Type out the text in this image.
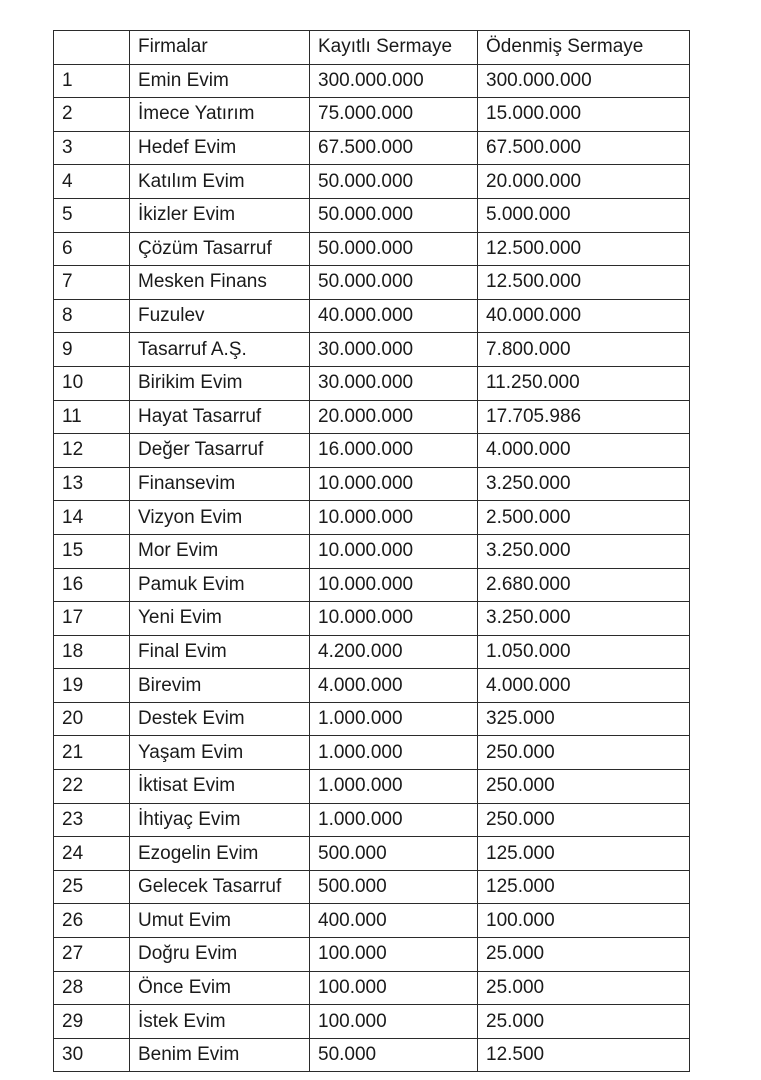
	Firmalar	Kayıtlı Sermaye	Ödenmiş Sermaye
1	Emin Evim	300.000.000	300.000.000
2	İmece Yatırım	75.000.000	15.000.000
3	Hedef Evim	67.500.000	67.500.000
4	Katılım Evim	50.000.000	20.000.000
5	İkizler Evim	50.000.000	5.000.000
6	Çözüm Tasarruf	50.000.000	12.500.000
7	Mesken Finans	50.000.000	12.500.000
8	Fuzulev	40.000.000	40.000.000
9	Tasarruf A.Ş.	30.000.000	7.800.000
10	Birikim Evim	30.000.000	11.250.000
11	Hayat Tasarruf	20.000.000	17.705.986
12	Değer Tasarruf	16.000.000	4.000.000
13	Finansevim	10.000.000	3.250.000
14	Vizyon Evim	10.000.000	2.500.000
15	Mor Evim	10.000.000	3.250.000
16	Pamuk Evim	10.000.000	2.680.000
17	Yeni Evim	10.000.000	3.250.000
18	Final Evim	4.200.000	1.050.000
19	Birevim	4.000.000	4.000.000
20	Destek Evim	1.000.000	325.000
21	Yaşam Evim	1.000.000	250.000
22	İktisat Evim	1.000.000	250.000
23	İhtiyaç Evim	1.000.000	250.000
24	Ezogelin Evim	500.000	125.000
25	Gelecek Tasarruf	500.000	125.000
26	Umut Evim	400.000	100.000
27	Doğru Evim	100.000	25.000
28	Önce Evim	100.000	25.000
29	İstek Evim	100.000	25.000
30	Benim Evim	50.000	12.500
